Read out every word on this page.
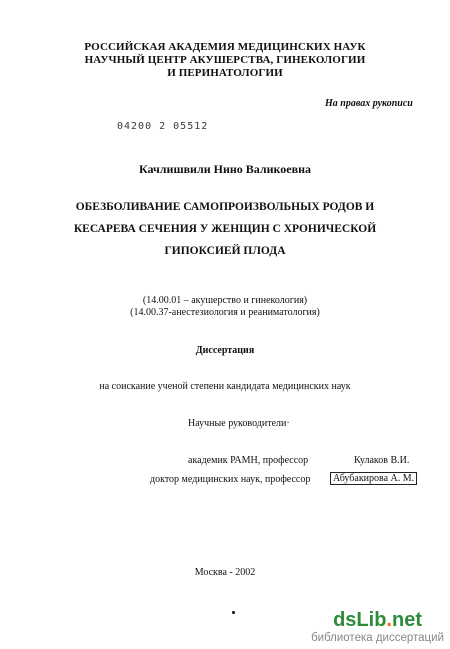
РОССИЙСКАЯ АКАДЕМИЯ МЕДИЦИНСКИХ НАУК
НАУЧНЫЙ ЦЕНТР АКУШЕРСТВА, ГИНЕКОЛОГИИ
И ПЕРИНАТОЛОГИИ
На правах рукописи
04200 2 05512
Качлишвили Нино Валикоевна
ОБЕЗБОЛИВАНИЕ САМОПРОИЗВОЛЬНЫХ РОДОВ И
КЕСАРЕВА СЕЧЕНИЯ У ЖЕНЩИН С ХРОНИЧЕСКОЙ
ГИПОКСИЕЙ ПЛОДА
(14.00.01 – акушерство и гинекология)
(14.00.37-анестезиология и реаниматология)
Диссертация
на соискание ученой степени кандидата медицинских наук
Научные руководители·
академик РАМН, профессор	Кулаков В.И.
доктор медицинских наук, профессор	Абубакирова А. М.
Москва - 2002
dsLib.net
библиотека диссертаций
